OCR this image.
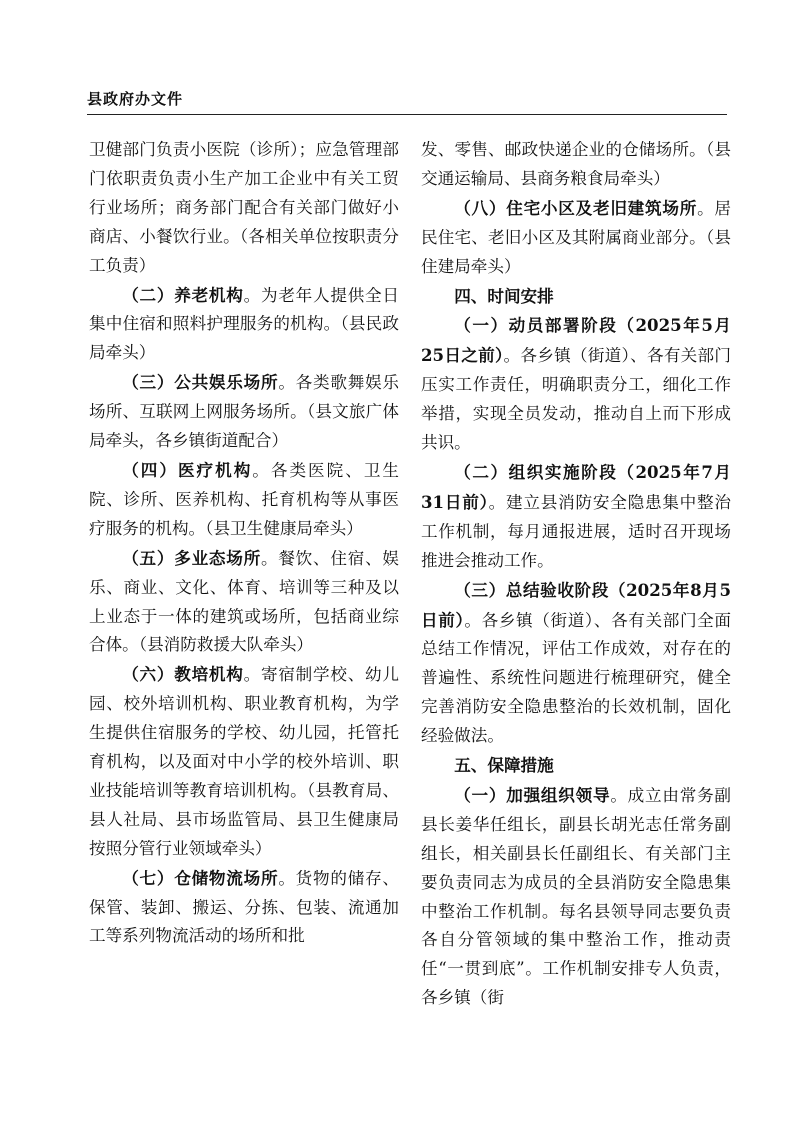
县政府办文件

卫健部门负责小医院（诊所）；应急管理部门依职责负责小生产加工企业中有关工贸行业场所；商务部门配合有关部门做好小商店、小餐饮行业。（各相关单位按职责分工负责）

（二）养老机构。为老年人提供全日集中住宿和照料护理服务的机构。（县民政局牵头）

（三）公共娱乐场所。各类歌舞娱乐场所、互联网上网服务场所。（县文旅广体局牵头，各乡镇街道配合）

（四）医疗机构。各类医院、卫生院、诊所、医养机构、托育机构等从事医疗服务的机构。（县卫生健康局牵头）

（五）多业态场所。餐饮、住宿、娱乐、商业、文化、体育、培训等三种及以上业态于一体的建筑或场所，包括商业综合体。（县消防救援大队牵头）

（六）教培机构。寄宿制学校、幼儿园、校外培训机构、职业教育机构，为学生提供住宿服务的学校、幼儿园，托管托育机构，以及面对中小学的校外培训、职业技能培训等教育培训机构。（县教育局、县人社局、县市场监管局、县卫生健康局按照分管行业领域牵头）

（七）仓储物流场所。货物的储存、保管、装卸、搬运、分拣、包装、流通加工等系列物流活动的场所和批

发、零售、邮政快递企业的仓储场所。（县交通运输局、县商务粮食局牵头）

（八）住宅小区及老旧建筑场所。居民住宅、老旧小区及其附属商业部分。（县住建局牵头）

四、时间安排

（一）动员部署阶段（2025年5月25日之前）。各乡镇（街道）、各有关部门压实工作责任，明确职责分工，细化工作举措，实现全员发动，推动自上而下形成共识。

（二）组织实施阶段（2025年7月31日前）。建立县消防安全隐患集中整治工作机制，每月通报进展，适时召开现场推进会推动工作。

（三）总结验收阶段（2025年8月5日前）。各乡镇（街道）、各有关部门全面总结工作情况，评估工作成效，对存在的普遍性、系统性问题进行梳理研究，健全完善消防安全隐患整治的长效机制，固化经验做法。

五、保障措施

（一）加强组织领导。成立由常务副县长姜华任组长，副县长胡光志任常务副组长，相关副县长任副组长、有关部门主要负责同志为成员的全县消防安全隐患集中整治工作机制。每名县领导同志要负责各自分管领域的集中整治工作，推动责任“一贯到底”。工作机制安排专人负责，各乡镇（街
